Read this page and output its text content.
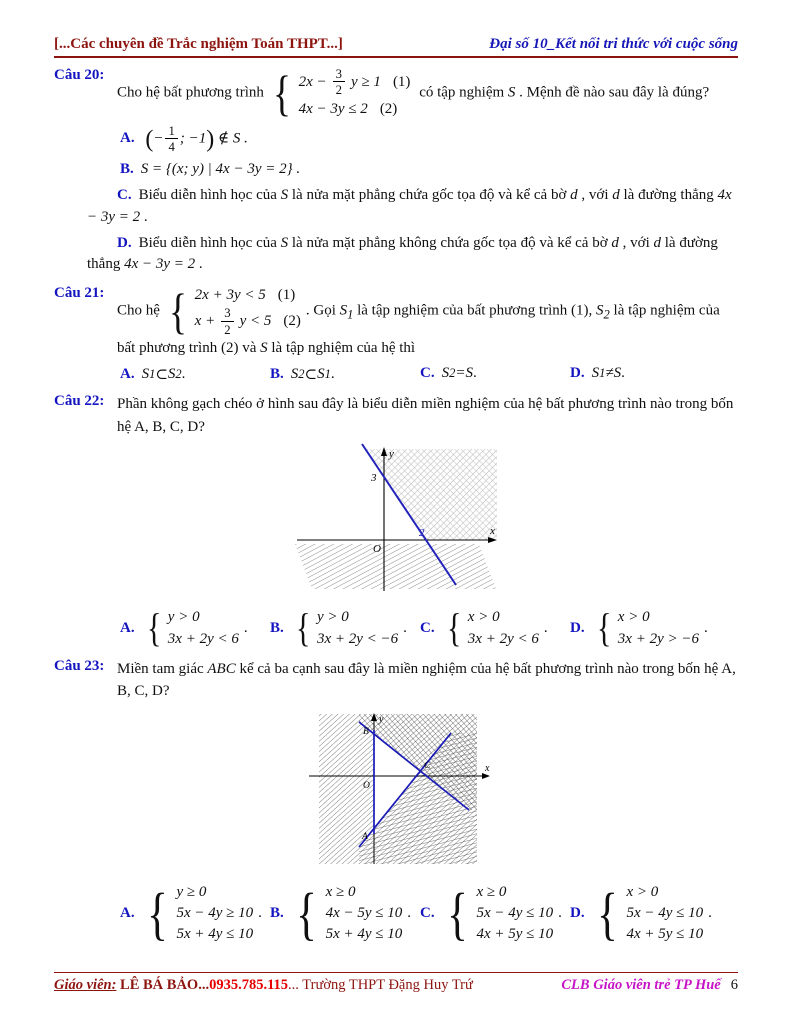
[...Các chuyên đề Trắc nghiệm Toán THPT...]	Đại số 10_Kết nối tri thức với cuộc sống
Câu 20:
Cho hệ bất phương trình { $2x - \frac{3}{2}$ y ≥ 1 (1)
4x − 3y ≤ 2 (2)
có tập nghiệm S . Mệnh đề nào sau đây là đúng?
A. (− $\frac{1}{4}$ ; −1) ∉ S .
B. S = {(x; y) | 4x − 3y = 2} .
C. Biểu diễn hình học của S là nửa mặt phẳng chứa gốc tọa độ và kể cả bờ d , với d là đường thẳng 4x − 3y = 2 .
D. Biểu diễn hình học của S là nửa mặt phẳng không chứa gốc tọa độ và kể cả bờ d , với d là đường thẳng 4x − 3y = 2 .
Câu 21:
Cho hệ { 2x + 3y < 5 (1)
$x + \frac{3}{2}$ y < 5 (2)
. Gọi $S_1$ là tập nghiệm của bất phương trình (1), $S_2$ là tập nghiệm của bất phương trình (2) và S là tập nghiệm của hệ thì
A. S 1 ⊂ S 2 .	B. S 2 ⊂ S 1 .	C. S 2 = S .	D. S 1 ≠ S .
Câu 22: Phần không gạch chéo ở hình sau đây là biểu diễn miền nghiệm của hệ bất phương trình nào trong bốn hệ A, B, C, D?
y
x
O
3
2
A. { y > 0
3x + 2y < 6
. B. { y > 0
3x + 2y < −6
. C. { x > 0
3x + 2y < 6
. D. { x > 0
3x + 2y > −6
.
Câu 23: Miền tam giác ABC kể cả ba cạnh sau đây là miền nghiệm của hệ bất phương trình nào trong bốn hệ A, B, C, D?
y
x
O
B
C
A
A. { y ≥ 0
5x − 4y ≥ 10
5x + 4y ≤ 10
. B. { x ≥ 0
4x − 5y ≤ 10
5x + 4y ≤ 10
. C. { x ≥ 0
5x − 4y ≤ 10
4x + 5y ≤ 10
. D. { x > 0
5x − 4y ≤ 10
4x + 5y ≤ 10
.
Giáo viên: LÊ BÁ BẢO...0935.785.115... Trường THPT Đặng Huy Trứ	CLB Giáo viên trẻ TP Huế 6
